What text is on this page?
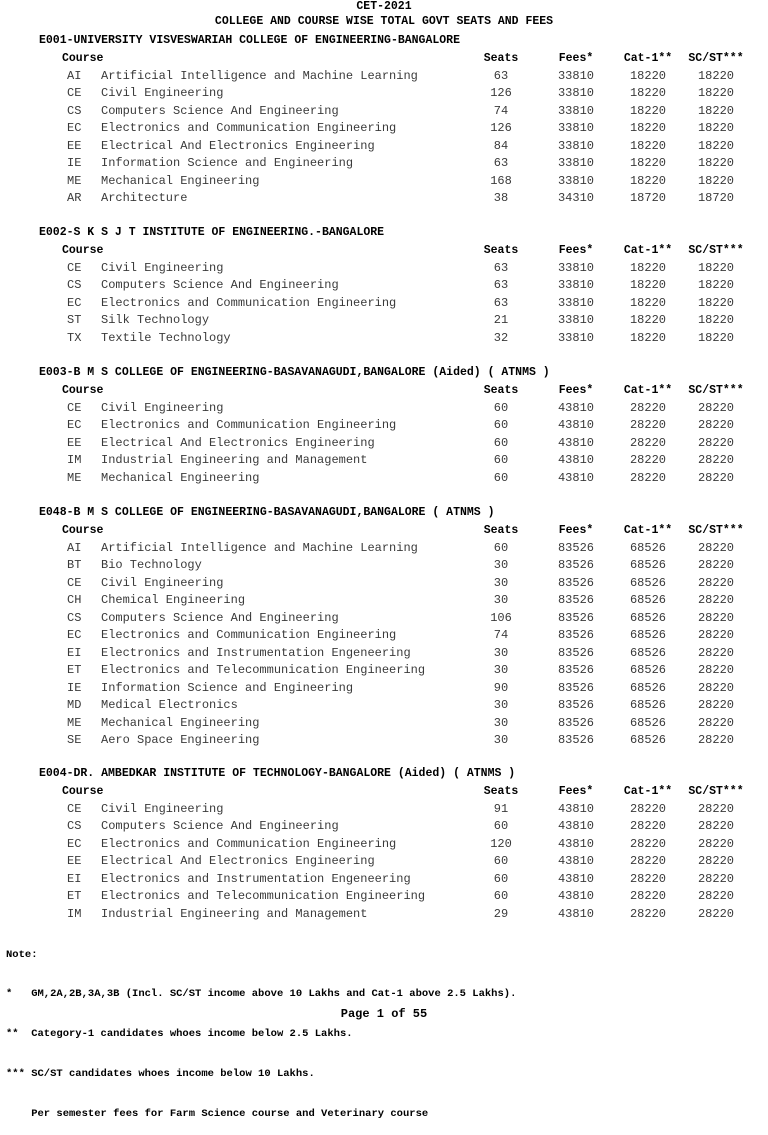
CET-2021
COLLEGE AND COURSE WISE TOTAL GOVT SEATS AND FEES
E001-UNIVERSITY VISVESWARIAH COLLEGE OF ENGINEERING-BANGALORE
Course	Seats	Fees*	Cat-1**	SC/ST***
AI Artificial Intelligence and Machine Learning	63	33810	18220	18220
CE Civil Engineering	126	33810	18220	18220
CS Computers Science And Engineering	74	33810	18220	18220
EC Electronics and Communication Engineering	126	33810	18220	18220
EE Electrical And Electronics Engineering	84	33810	18220	18220
IE Information Science and Engineering	63	33810	18220	18220
ME Mechanical Engineering	168	33810	18220	18220
AR Architecture	38	34310	18720	18720
E002-S K S J T INSTITUTE OF ENGINEERING.-BANGALORE
Course	Seats	Fees*	Cat-1**	SC/ST***
CE Civil Engineering	63	33810	18220	18220
CS Computers Science And Engineering	63	33810	18220	18220
EC Electronics and Communication Engineering	63	33810	18220	18220
ST Silk Technology	21	33810	18220	18220
TX Textile Technology	32	33810	18220	18220
E003-B M S COLLEGE OF ENGINEERING-BASAVANAGUDI,BANGALORE (Aided) ( ATNMS )
Course	Seats	Fees*	Cat-1**	SC/ST***
CE Civil Engineering	60	43810	28220	28220
EC Electronics and Communication Engineering	60	43810	28220	28220
EE Electrical And Electronics Engineering	60	43810	28220	28220
IM Industrial Engineering and Management	60	43810	28220	28220
ME Mechanical Engineering	60	43810	28220	28220
E048-B M S COLLEGE OF ENGINEERING-BASAVANAGUDI,BANGALORE ( ATNMS )
Course	Seats	Fees*	Cat-1**	SC/ST***
AI Artificial Intelligence and Machine Learning	60	83526	68526	28220
BT Bio Technology	30	83526	68526	28220
CE Civil Engineering	30	83526	68526	28220
CH Chemical Engineering	30	83526	68526	28220
CS Computers Science And Engineering	106	83526	68526	28220
EC Electronics and Communication Engineering	74	83526	68526	28220
EI Electronics and Instrumentation Engeneering	30	83526	68526	28220
ET Electronics and Telecommunication Engineering	30	83526	68526	28220
IE Information Science and Engineering	90	83526	68526	28220
MD Medical Electronics	30	83526	68526	28220
ME Mechanical Engineering	30	83526	68526	28220
SE Aero Space Engineering	30	83526	68526	28220
E004-DR. AMBEDKAR INSTITUTE OF TECHNOLOGY-BANGALORE (Aided) ( ATNMS )
Course	Seats	Fees*	Cat-1**	SC/ST***
CE Civil Engineering	91	43810	28220	28220
CS Computers Science And Engineering	60	43810	28220	28220
EC Electronics and Communication Engineering	120	43810	28220	28220
EE Electrical And Electronics Engineering	60	43810	28220	28220
EI Electronics and Instrumentation Engeneering	60	43810	28220	28220
ET Electronics and Telecommunication Engineering	60	43810	28220	28220
IM Industrial Engineering and Management	29	43810	28220	28220

Note:

*   GM,2A,2B,3A,3B (Incl. SC/ST income above 10 Lakhs and Cat-1 above 2.5 Lakhs).

**  Category-1 candidates whoes income below 2.5 Lakhs.

*** SC/ST candidates whoes income below 10 Lakhs.

Per semester fees for Farm Science course and Veterinary course

Page 1 of 55
